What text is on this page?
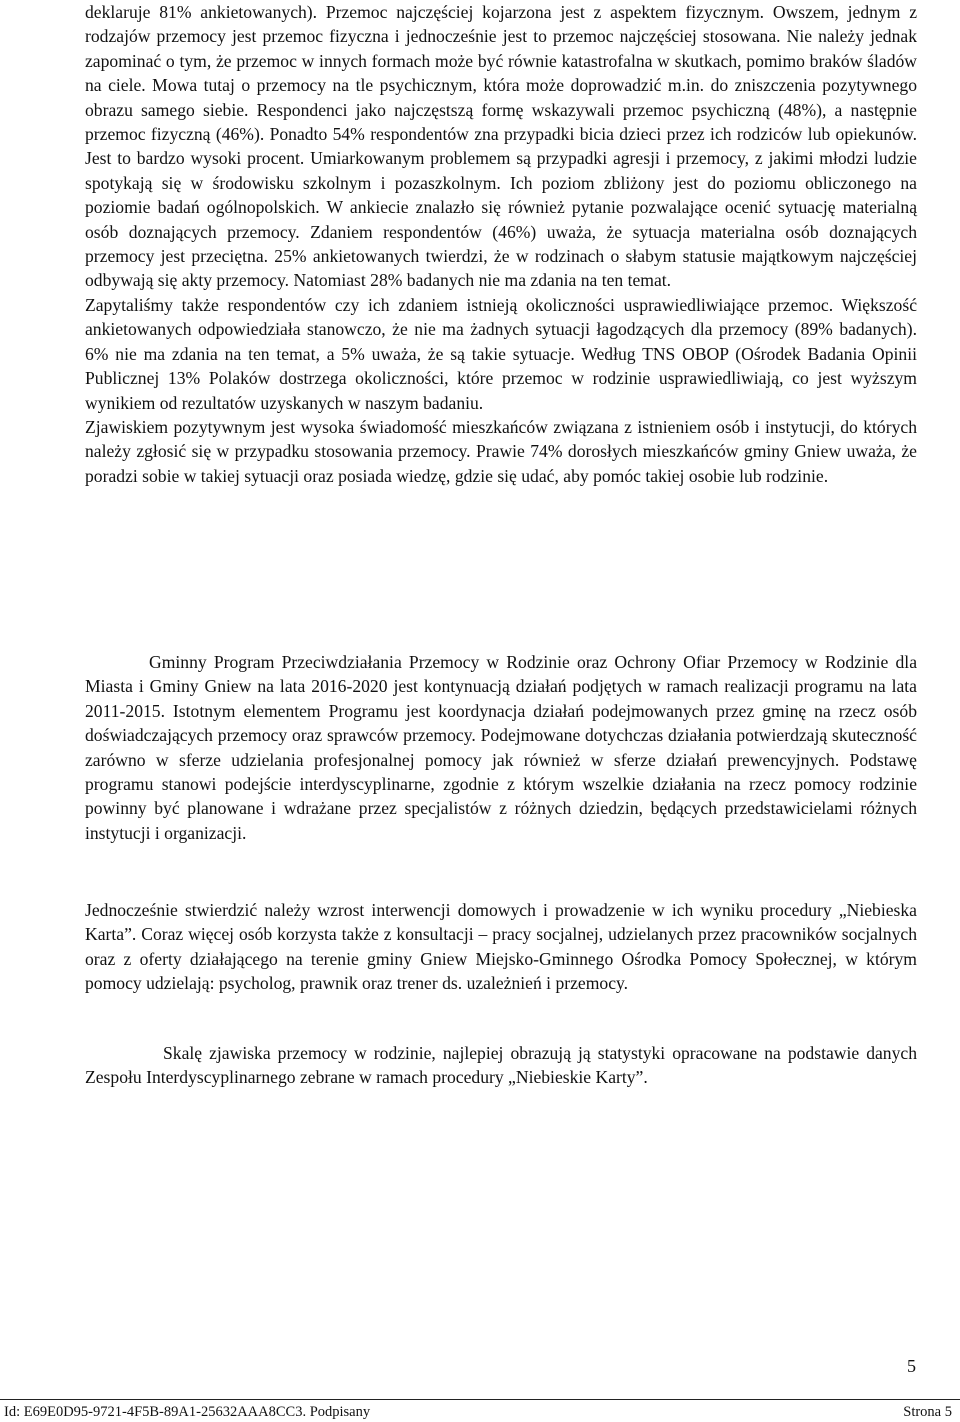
deklaruje 81% ankietowanych). Przemoc najczęściej kojarzona jest z aspektem fizycznym. Owszem, jednym z rodzajów przemocy jest przemoc fizyczna i jednocześnie jest to przemoc najczęściej stosowana. Nie należy jednak zapominać o tym, że przemoc w innych formach może być równie katastrofalna w skutkach, pomimo braków śladów na ciele. Mowa tutaj o przemocy na tle psychicznym, która może doprowadzić m.in. do zniszczenia pozytywnego obrazu samego siebie. Respondenci jako najczęstszą formę wskazywali przemoc psychiczną (48%), a następnie przemoc fizyczną (46%). Ponadto 54% respondentów zna przypadki bicia dzieci przez ich rodziców lub opiekunów. Jest to bardzo wysoki procent. Umiarkowanym problemem są przypadki agresji i przemocy, z jakimi młodzi ludzie spotykają się w środowisku szkolnym i pozaszkolnym. Ich poziom zbliżony jest do poziomu obliczonego na poziomie badań ogólnopolskich. W ankiecie znalazło się również pytanie pozwalające ocenić sytuację materialną osób doznających przemocy. Zdaniem respondentów (46%) uważa, że sytuacja materialna osób doznających przemocy jest przeciętna. 25% ankietowanych twierdzi, że w rodzinach o słabym statusie majątkowym najczęściej odbywają się akty przemocy. Natomiast 28% badanych nie ma zdania na ten temat.

Zapytaliśmy także respondentów czy ich zdaniem istnieją okoliczności usprawiedliwiające przemoc. Większość ankietowanych odpowiedziała stanowczo, że nie ma żadnych sytuacji łagodzących dla przemocy (89% badanych). 6% nie ma zdania na ten temat, a 5% uważa, że są takie sytuacje. Według TNS OBOP (Ośrodek Badania Opinii Publicznej 13% Polaków dostrzega okoliczności, które przemoc w rodzinie usprawiedliwiają, co jest wyższym wynikiem od rezultatów uzyskanych w naszym badaniu.

Zjawiskiem pozytywnym jest wysoka świadomość mieszkańców związana z istnieniem osób i instytucji, do których należy zgłosić się w przypadku stosowania przemocy. Prawie 74% dorosłych mieszkańców gminy Gniew uważa, że poradzi sobie w takiej sytuacji oraz posiada wiedzę, gdzie się udać, aby pomóc takiej osobie lub rodzinie.

Gminny Program Przeciwdziałania Przemocy w Rodzinie oraz Ochrony Ofiar Przemocy w Rodzinie dla Miasta i Gminy Gniew na lata 2016-2020 jest kontynuacją działań podjętych w ramach realizacji programu na lata 2011-2015. Istotnym elementem Programu jest koordynacja działań podejmowanych przez gminę na rzecz osób doświadczających przemocy oraz sprawców przemocy. Podejmowane dotychczas działania potwierdzają skuteczność zarówno w sferze udzielania profesjonalnej pomocy jak również w sferze działań prewencyjnych. Podstawę programu stanowi podejście interdyscyplinarne, zgodnie z którym wszelkie działania na rzecz pomocy rodzinie powinny być planowane i wdrażane przez specjalistów z różnych dziedzin, będących przedstawicielami różnych instytucji i organizacji.

Jednocześnie stwierdzić należy wzrost interwencji domowych i prowadzenie w ich wyniku procedury „Niebieska Karta”. Coraz więcej osób korzysta także z konsultacji – pracy socjalnej, udzielanych przez pracowników socjalnych oraz z oferty działającego na terenie gminy Gniew Miejsko-Gminnego Ośrodka Pomocy Społecznej, w którym pomocy udzielają: psycholog, prawnik oraz trener ds. uzależnień i przemocy.

Skalę zjawiska przemocy w rodzinie, najlepiej obrazują ją statystyki opracowane na podstawie danych Zespołu Interdyscyplinarnego zebrane w ramach procedury „Niebieskie Karty”.

5
Id: E69E0D95-9721-4F5B-89A1-25632AAA8CC3. Podpisany	Strona 5
